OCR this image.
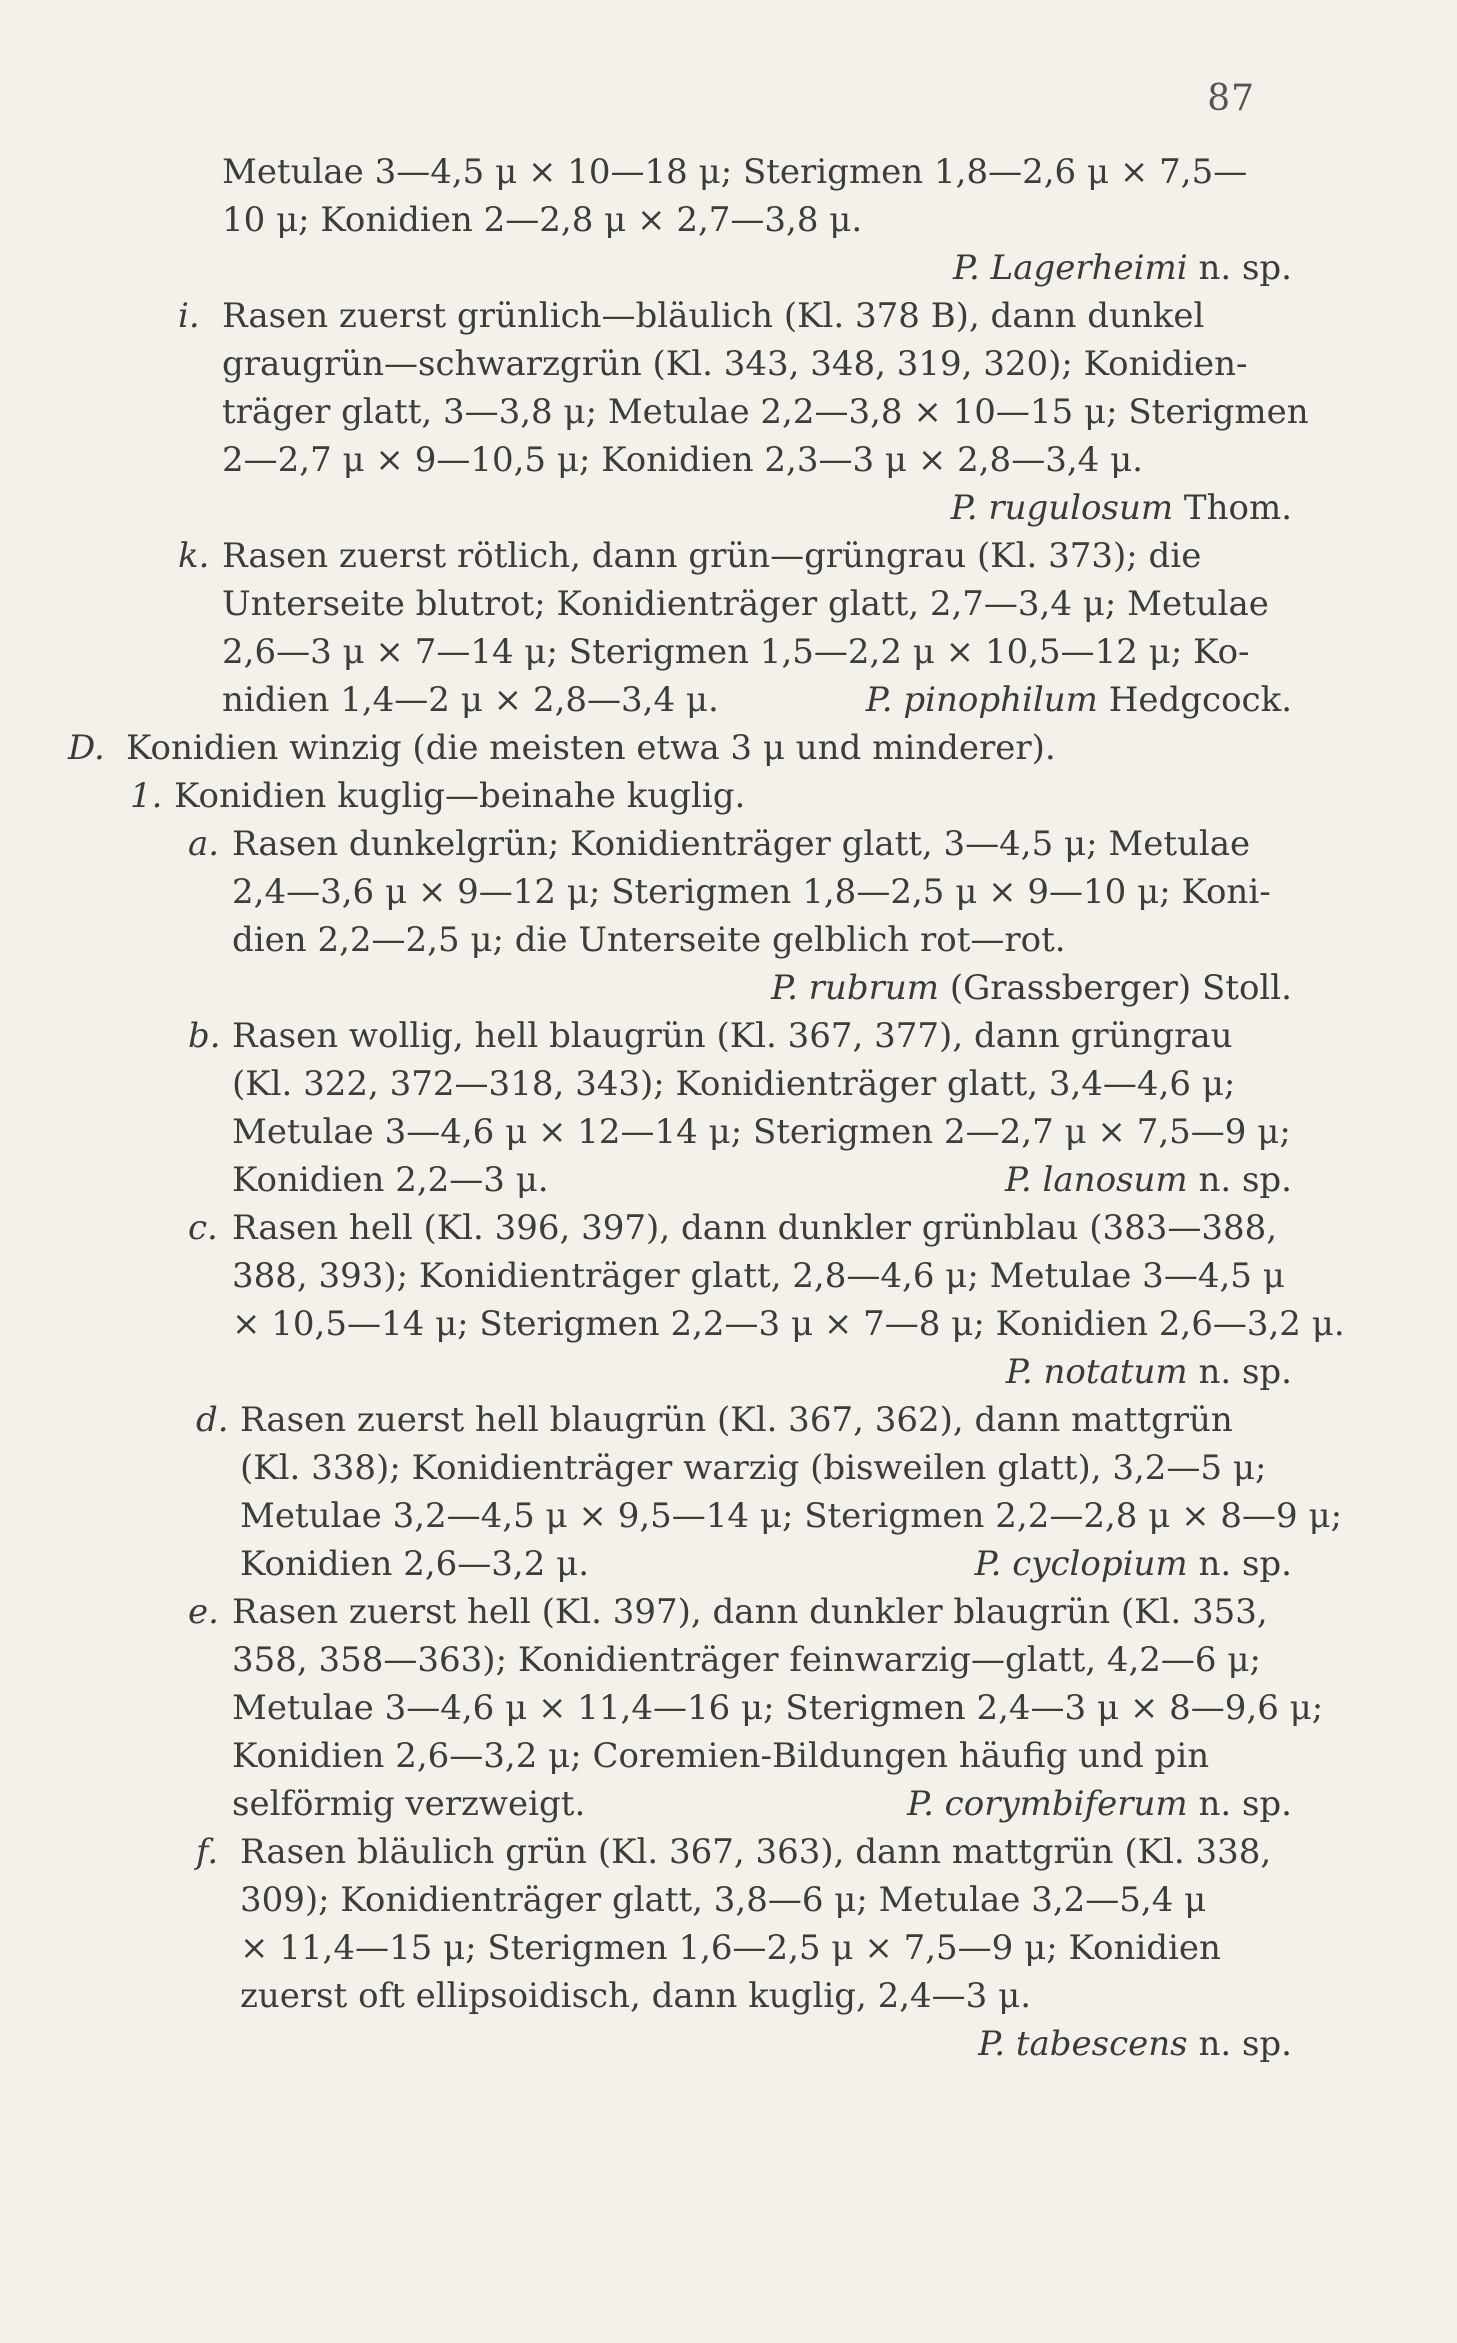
87
Metulae 3—4,5 μ × 10—18 μ; Sterigmen 1,8—2,6 μ × 7,5—
10 μ; Konidien 2—2,8 μ × 2,7—3,8 μ.
P. Lagerheimi n. sp.
i. Rasen zuerst grünlich—bläulich (Kl. 378 B), dann dunkel
graugrün—schwarzgrün (Kl. 343, 348, 319, 320); Konidien-
träger glatt, 3—3,8 μ; Metulae 2,2—3,8 × 10—15 μ; Sterigmen
2—2,7 μ × 9—10,5 μ; Konidien 2,3—3 μ × 2,8—3,4 μ.
P. rugulosum Thom.
k. Rasen zuerst rötlich, dann grün—grüngrau (Kl. 373); die
Unterseite blutrot; Konidienträger glatt, 2,7—3,4 μ; Metulae
2,6—3 μ × 7—14 μ; Sterigmen 1,5—2,2 μ × 10,5—12 μ; Ko-
nidien 1,4—2 μ × 2,8—3,4 μ.	P. pinophilum Hedgcock.
D. Konidien winzig (die meisten etwa 3 μ und minderer).
1. Konidien kuglig—beinahe kuglig.
a. Rasen dunkelgrün; Konidienträger glatt, 3—4,5 μ; Metulae
2,4—3,6 μ × 9—12 μ; Sterigmen 1,8—2,5 μ × 9—10 μ; Koni-
dien 2,2—2,5 μ; die Unterseite gelblich rot—rot.
P. rubrum (Grassberger) Stoll.
b. Rasen wollig, hell blaugrün (Kl. 367, 377), dann grüngrau
(Kl. 322, 372—318, 343); Konidienträger glatt, 3,4—4,6 μ;
Metulae 3—4,6 μ × 12—14 μ; Sterigmen 2—2,7 μ × 7,5—9 μ;
Konidien 2,2—3 μ.	P. lanosum n. sp.
c. Rasen hell (Kl. 396, 397), dann dunkler grünblau (383—388,
388, 393); Konidienträger glatt, 2,8—4,6 μ; Metulae 3—4,5 μ
× 10,5—14 μ; Sterigmen 2,2—3 μ × 7—8 μ; Konidien 2,6—3,2 μ.
P. notatum n. sp.
d. Rasen zuerst hell blaugrün (Kl. 367, 362), dann mattgrün
(Kl. 338); Konidienträger warzig (bisweilen glatt), 3,2—5 μ;
Metulae 3,2—4,5 μ × 9,5—14 μ; Sterigmen 2,2—2,8 μ × 8—9 μ;
Konidien 2,6—3,2 μ.	P. cyclopium n. sp.
e. Rasen zuerst hell (Kl. 397), dann dunkler blaugrün (Kl. 353,
358, 358—363); Konidienträger feinwarzig—glatt, 4,2—6 μ;
Metulae 3—4,6 μ × 11,4—16 μ; Sterigmen 2,4—3 μ × 8—9,6 μ;
Konidien 2,6—3,2 μ; Coremien-Bildungen häufig und pin
selförmig verzweigt.	P. corymbiferum n. sp.
f. Rasen bläulich grün (Kl. 367, 363), dann mattgrün (Kl. 338,
309); Konidienträger glatt, 3,8—6 μ; Metulae 3,2—5,4 μ
× 11,4—15 μ; Sterigmen 1,6—2,5 μ × 7,5—9 μ; Konidien
zuerst oft ellipsoidisch, dann kuglig, 2,4—3 μ.
P. tabescens n. sp.
